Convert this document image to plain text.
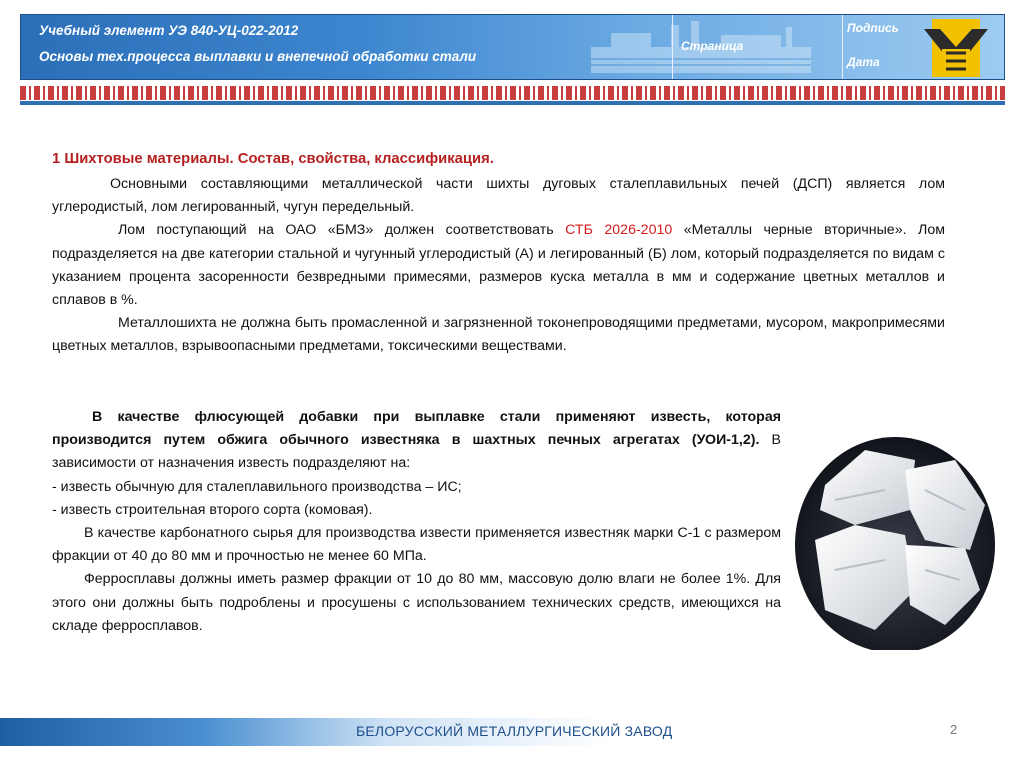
Учебный элемент УЭ 840-УЦ-022-2012
Основы тех.процесса выплавки и внепечной обработки стали
Страница
Подпись
Дата
1 Шихтовые материалы. Состав, свойства, классификация.

Основными составляющими металлической части шихты дуговых сталеплавильных печей (ДСП) является лом углеродистый, лом легированный, чугун передельный.

Лом поступающий на ОАО «БМЗ» должен соответствовать СТБ 2026-2010 «Металлы черные вторичные». Лом подразделяется на две категории стальной и чугунный углеродистый (А) и легированный (Б) лом, который подразделяется по видам с указанием процента засоренности безвредными примесями, размеров куска металла в мм и содержание цветных металлов и сплавов в %.

Металлошихта не должна быть промасленной и загрязненной токонепроводящими предметами, мусором, макропримесями цветных металлов, взрывоопасными предметами, токсическими веществами.

В качестве флюсующей добавки при выплавке стали применяют известь, которая производится путем обжига обычного известняка в шахтных печных агрегатах (УОИ-1,2). В зависимости от назначения известь подразделяют на:

- известь обычную для сталеплавильного производства – ИС;

- известь строительная второго сорта (комовая).

В качестве карбонатного сырья для производства извести применяется известняк марки С-1 с размером фракции от 40 до 80 мм и прочностью не менее 60 МПа.

Ферросплавы должны иметь размер фракции от 10 до 80 мм, массовую долю влаги не более 1%. Для этого они должны быть подроблены и просушены с использованием технических средств, имеющихся на складе ферросплавов.

БЕЛОРУССКИЙ МЕТАЛЛУРГИЧЕСКИЙ ЗАВОД	2
